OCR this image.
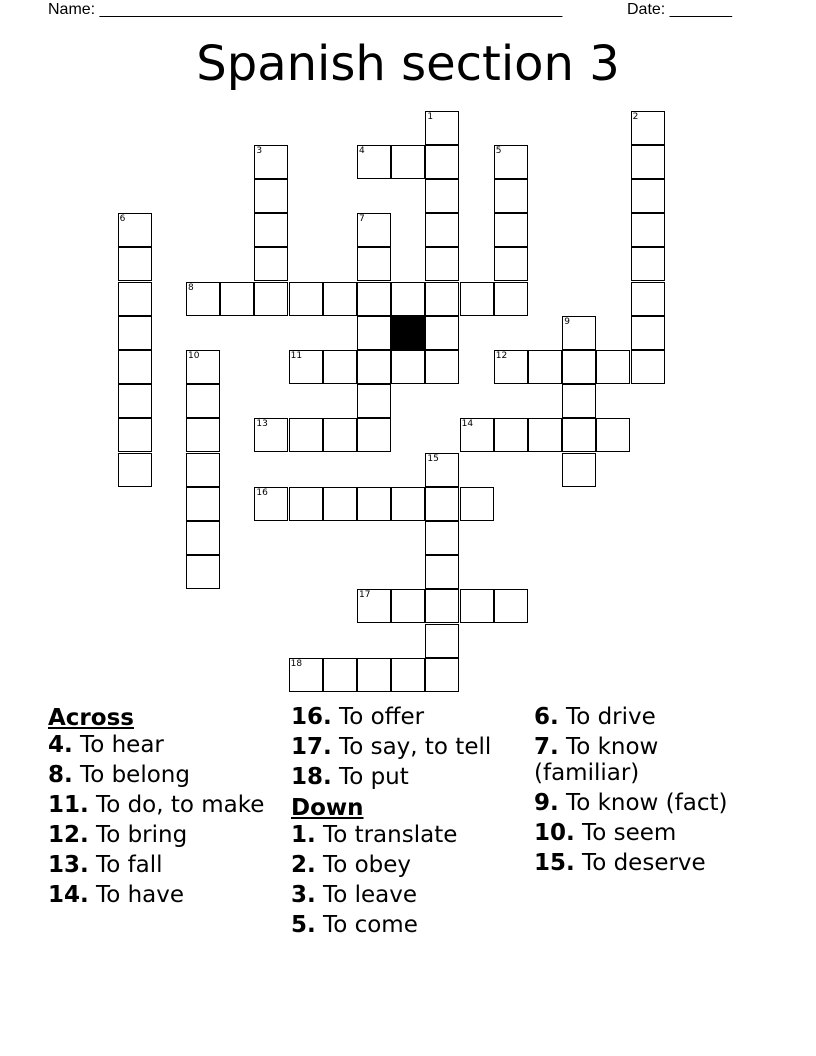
Name: ____________________________________________________	Date: _______
Spanish section 3
1	2
3	4	5
6	7
8
9
10	11	12
13	14
15
16
17
18
Across
4. To hear
8. To belong
11. To do, to make
12. To bring
13. To fall
14. To have
16. To offer
17. To say, to tell
18. To put
Down
1. To translate
2. To obey
3. To leave
5. To come
6. To drive
7. To know (familiar)
9. To know (fact)
10. To seem
15. To deserve
